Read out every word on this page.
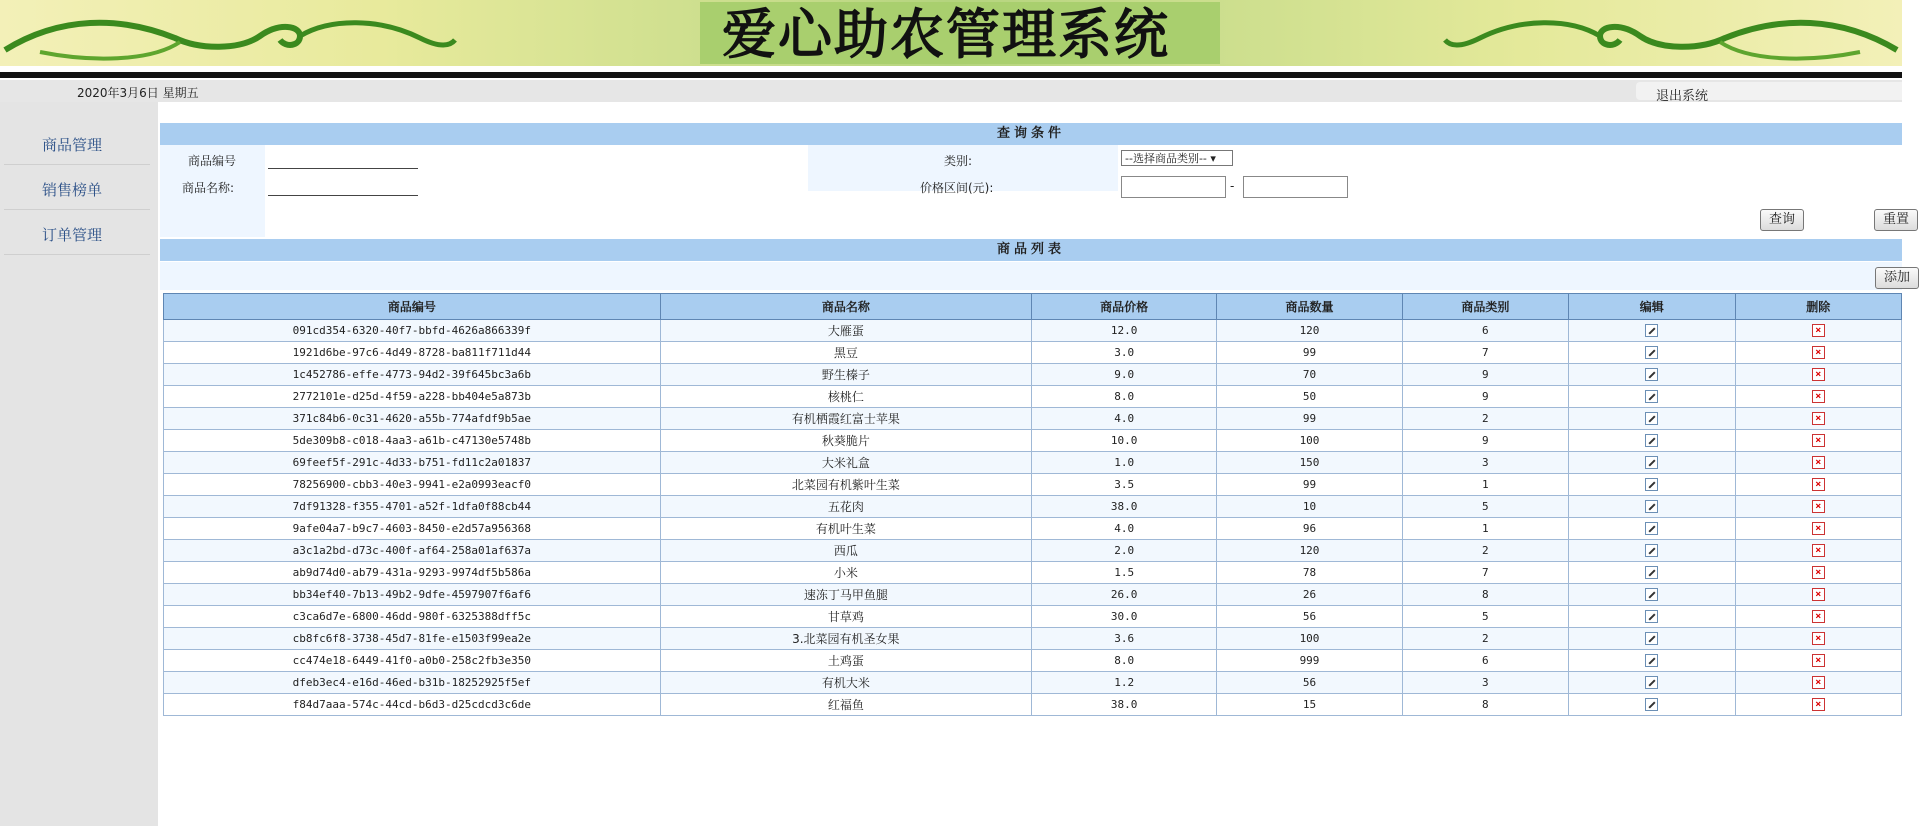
爱心助农管理系统
2020年3月6日 星期五	退出系统
商品管理
销售榜单
订单管理
查询条件
商品编号
商品名称:
类别:	--选择商品类别-- ▾
价格区间(元):	-
查询	重置
商品列表
添加
商品编号	商品名称	商品价格	商品数量	商品类别	编辑	删除
091cd354-6320-40f7-bbfd-4626a866339f	大雁蛋	12.0	120	6		×
1921d6be-97c6-4d49-8728-ba811f711d44	黑豆	3.0	99	7		×
1c452786-effe-4773-94d2-39f645bc3a6b	野生榛子	9.0	70	9		×
2772101e-d25d-4f59-a228-bb404e5a873b	核桃仁	8.0	50	9		×
371c84b6-0c31-4620-a55b-774afdf9b5ae	有机栖霞红富士苹果	4.0	99	2		×
5de309b8-c018-4aa3-a61b-c47130e5748b	秋葵脆片	10.0	100	9		×
69feef5f-291c-4d33-b751-fd11c2a01837	大米礼盒	1.0	150	3		×
78256900-cbb3-40e3-9941-e2a0993eacf0	北菜园有机紫叶生菜	3.5	99	1		×
7df91328-f355-4701-a52f-1dfa0f88cb44	五花肉	38.0	10	5		×
9afe04a7-b9c7-4603-8450-e2d57a956368	有机叶生菜	4.0	96	1		×
a3c1a2bd-d73c-400f-af64-258a01af637a	西瓜	2.0	120	2		×
ab9d74d0-ab79-431a-9293-9974df5b586a	小米	1.5	78	7		×
bb34ef40-7b13-49b2-9dfe-4597907f6af6	速冻丁马甲鱼腿	26.0	26	8		×
c3ca6d7e-6800-46dd-980f-6325388dff5c	甘草鸡	30.0	56	5		×
cb8fc6f8-3738-45d7-81fe-e1503f99ea2e	3.北菜园有机圣女果	3.6	100	2		×
cc474e18-6449-41f0-a0b0-258c2fb3e350	土鸡蛋	8.0	999	6		×
dfeb3ec4-e16d-46ed-b31b-18252925f5ef	有机大米	1.2	56	3		×
f84d7aaa-574c-44cd-b6d3-d25cdcd3c6de	红福鱼	38.0	15	8		×
